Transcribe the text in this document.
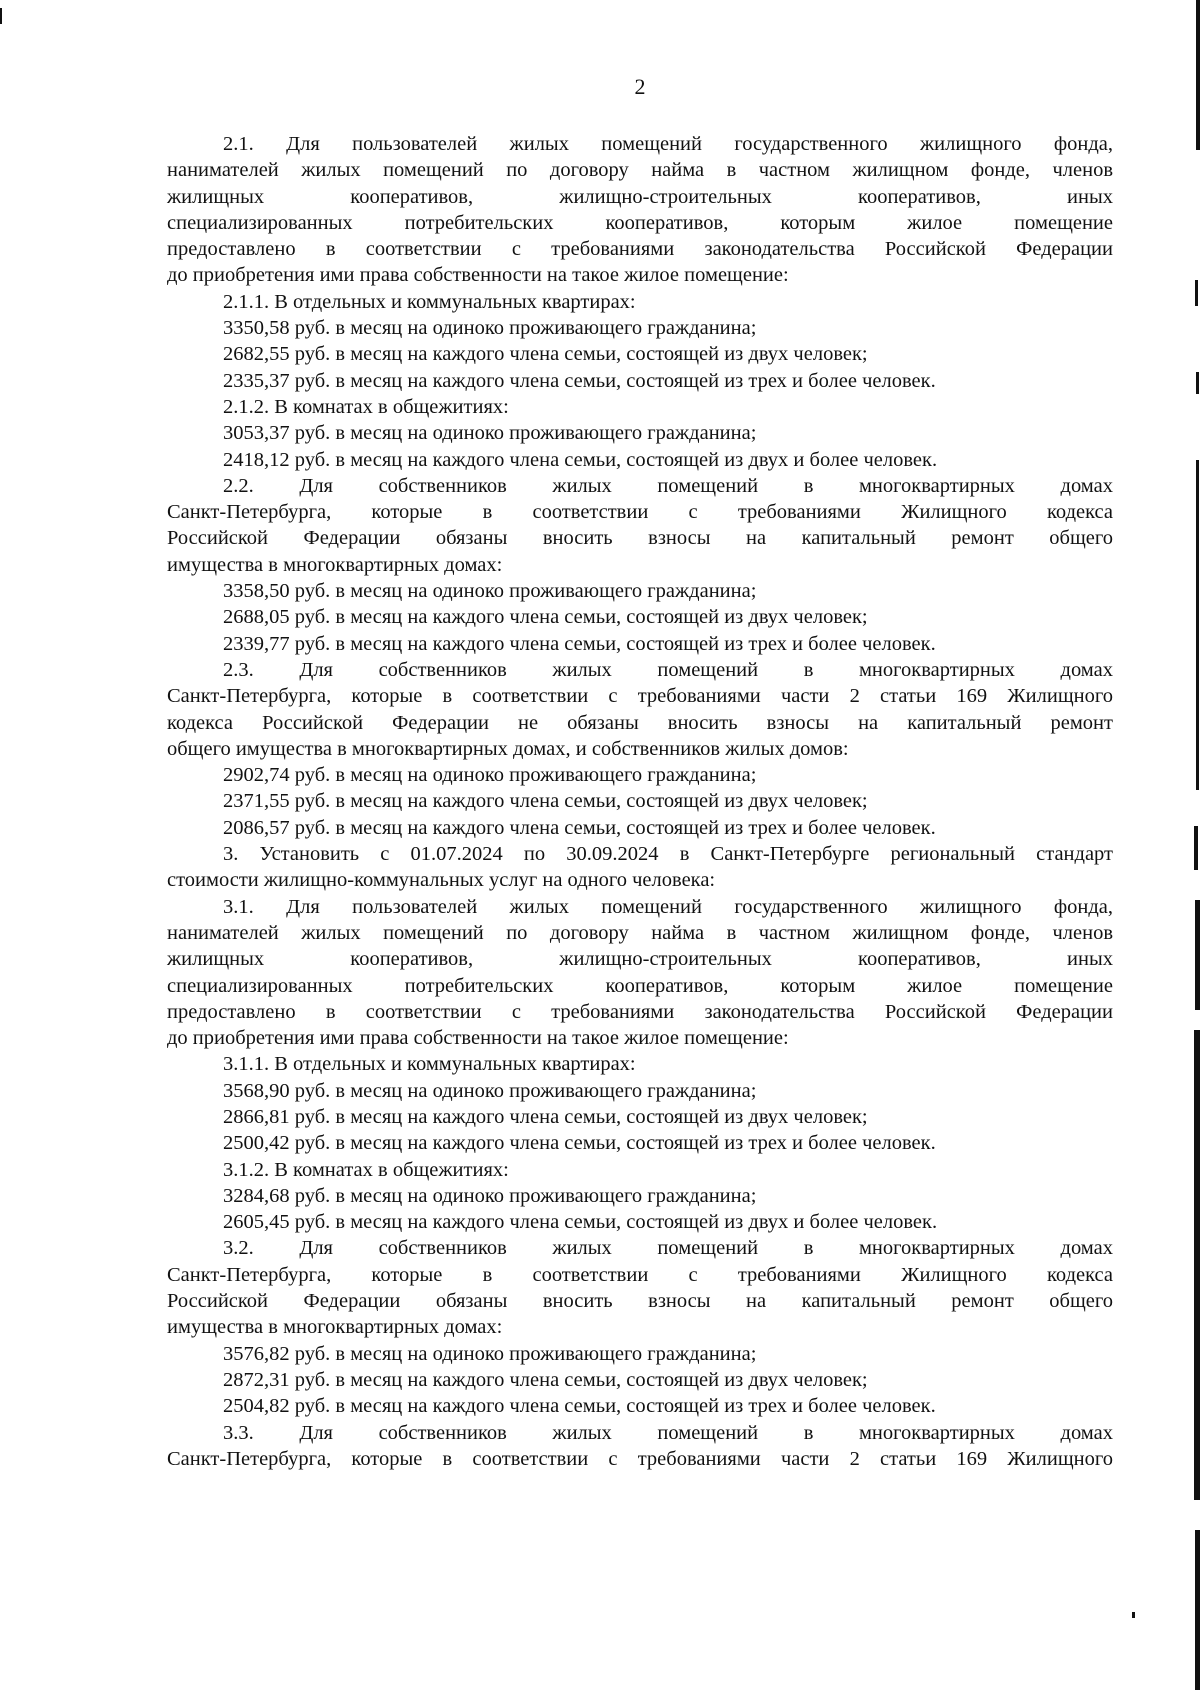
2
2.1. Для пользователей жилых помещений государственного жилищного фонда,
нанимателей жилых помещений по договору найма в частном жилищном фонде, членов
жилищных кооперативов, жилищно-строительных кооперативов, иных
специализированных потребительских кооперативов, которым жилое помещение
предоставлено в соответствии с требованиями законодательства Российской Федерации
до приобретения ими права собственности на такое жилое помещение:
2.1.1. В отдельных и коммунальных квартирах:
3350,58 руб. в месяц на одиноко проживающего гражданина;
2682,55 руб. в месяц на каждого члена семьи, состоящей из двух человек;
2335,37 руб. в месяц на каждого члена семьи, состоящей из трех и более человек.
2.1.2. В комнатах в общежитиях:
3053,37 руб. в месяц на одиноко проживающего гражданина;
2418,12 руб. в месяц на каждого члена семьи, состоящей из двух и более человек.
2.2. Для собственников жилых помещений в многоквартирных домах
Санкт-Петербурга, которые в соответствии с требованиями Жилищного кодекса
Российской Федерации обязаны вносить взносы на капитальный ремонт общего
имущества в многоквартирных домах:
3358,50 руб. в месяц на одиноко проживающего гражданина;
2688,05 руб. в месяц на каждого члена семьи, состоящей из двух человек;
2339,77 руб. в месяц на каждого члена семьи, состоящей из трех и более человек.
2.3. Для собственников жилых помещений в многоквартирных домах
Санкт-Петербурга, которые в соответствии с требованиями части 2 статьи 169 Жилищного
кодекса Российской Федерации не обязаны вносить взносы на капитальный ремонт
общего имущества в многоквартирных домах, и собственников жилых домов:
2902,74 руб. в месяц на одиноко проживающего гражданина;
2371,55 руб. в месяц на каждого члена семьи, состоящей из двух человек;
2086,57 руб. в месяц на каждого члена семьи, состоящей из трех и более человек.
3. Установить с 01.07.2024 по 30.09.2024 в Санкт-Петербурге региональный стандарт
стоимости жилищно-коммунальных услуг на одного человека:
3.1. Для пользователей жилых помещений государственного жилищного фонда,
нанимателей жилых помещений по договору найма в частном жилищном фонде, членов
жилищных кооперативов, жилищно-строительных кооперативов, иных
специализированных потребительских кооперативов, которым жилое помещение
предоставлено в соответствии с требованиями законодательства Российской Федерации
до приобретения ими права собственности на такое жилое помещение:
3.1.1. В отдельных и коммунальных квартирах:
3568,90 руб. в месяц на одиноко проживающего гражданина;
2866,81 руб. в месяц на каждого члена семьи, состоящей из двух человек;
2500,42 руб. в месяц на каждого члена семьи, состоящей из трех и более человек.
3.1.2. В комнатах в общежитиях:
3284,68 руб. в месяц на одиноко проживающего гражданина;
2605,45 руб. в месяц на каждого члена семьи, состоящей из двух и более человек.
3.2. Для собственников жилых помещений в многоквартирных домах
Санкт-Петербурга, которые в соответствии с требованиями Жилищного кодекса
Российской Федерации обязаны вносить взносы на капитальный ремонт общего
имущества в многоквартирных домах:
3576,82 руб. в месяц на одиноко проживающего гражданина;
2872,31 руб. в месяц на каждого члена семьи, состоящей из двух человек;
2504,82 руб. в месяц на каждого члена семьи, состоящей из трех и более человек.
3.3. Для собственников жилых помещений в многоквартирных домах
Санкт-Петербурга, которые в соответствии с требованиями части 2 статьи 169 Жилищного
